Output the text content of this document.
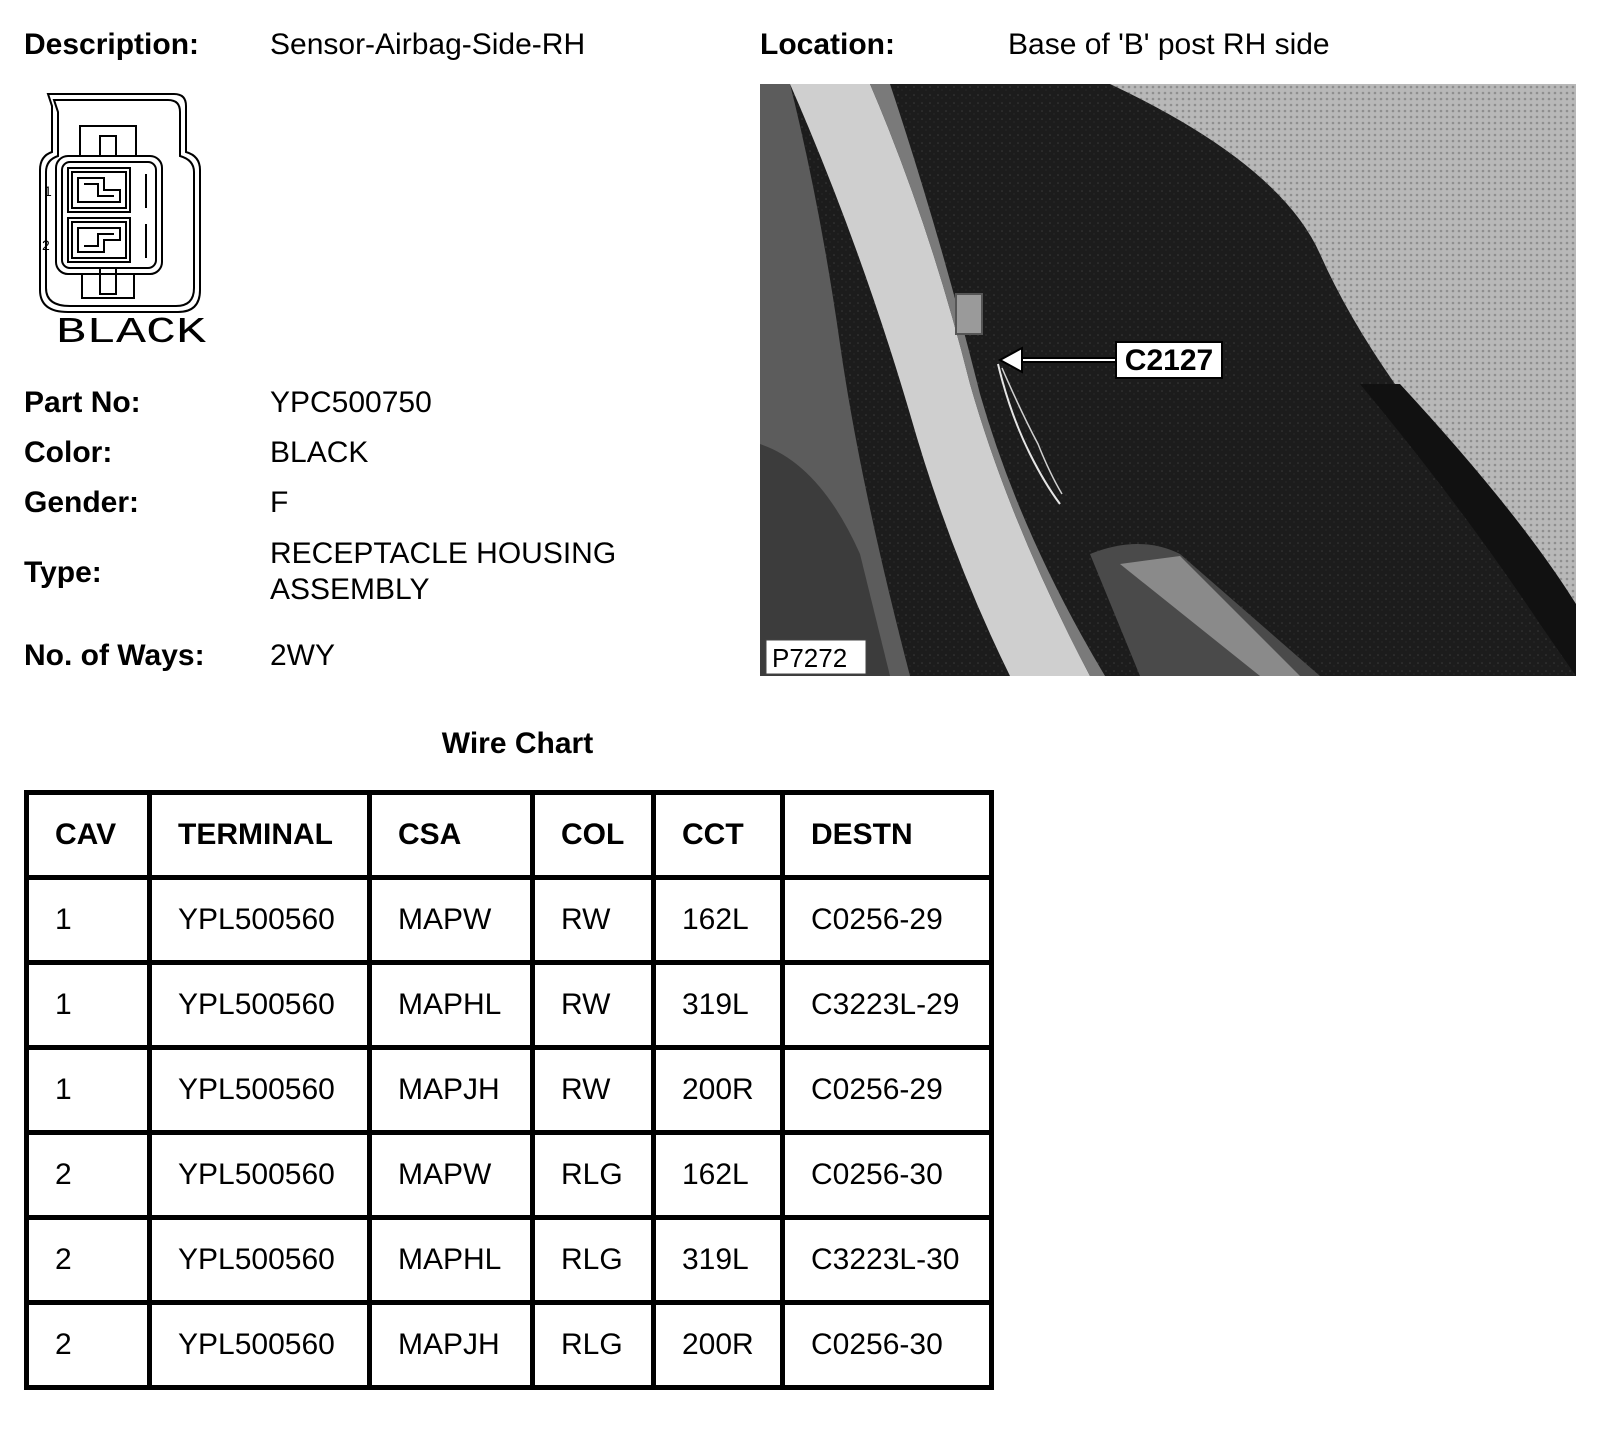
Description: Sensor-Airbag-Side-RH	Location:	Base of 'B' post RH side
1
2
BLACK
Part No:	YPC500750
Color:	BLACK
Gender:	F
Type:
RECEPTACLE HOUSING ASSEMBLY
No. of Ways: 2WY
C2127
P7272
Wire Chart
CAV	TERMINAL	CSA	COL	CCT	DESTN
1	YPL500560	MAPW	RW	162L	C0256-29
1	YPL500560	MAPHL	RW	319L	C3223L-29
1	YPL500560	MAPJH	RW	200R	C0256-29
2	YPL500560	MAPW	RLG	162L	C0256-30
2	YPL500560	MAPHL	RLG	319L	C3223L-30
2	YPL500560	MAPJH	RLG	200R	C0256-30
